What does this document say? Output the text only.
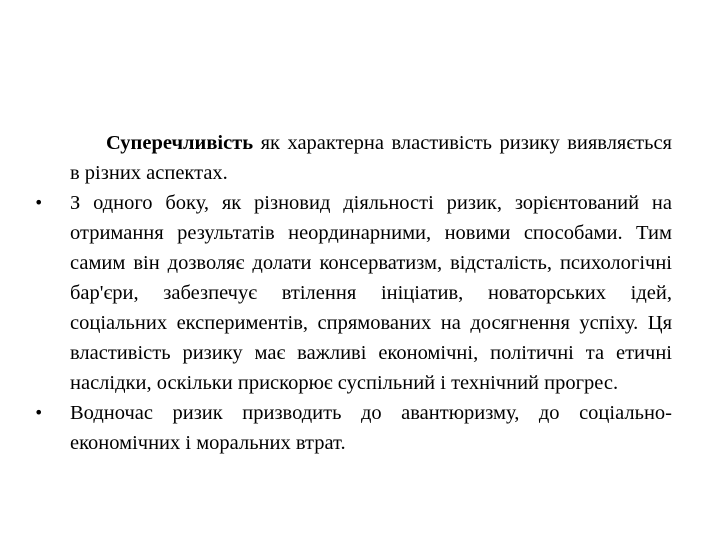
Суперечливість як характерна властивість ризику виявляється в різних аспектах.

•	З одного боку, як різновид діяльності ризик, зорієнтований на отримання результатів неординарними, новими способами. Тим самим він дозволяє долати консерватизм, відсталість, психологічні бар'єри, забезпечує втілення ініціатив, новаторських ідей, соціальних експериментів, спрямованих на досягнення успіху. Ця властивість ризику має важливі економічні, політичні та етичні наслідки, оскільки прискорює суспільний і технічний прогрес.
•	Водночас ризик призводить до авантюризму, до соціально-економічних і моральних втрат.
